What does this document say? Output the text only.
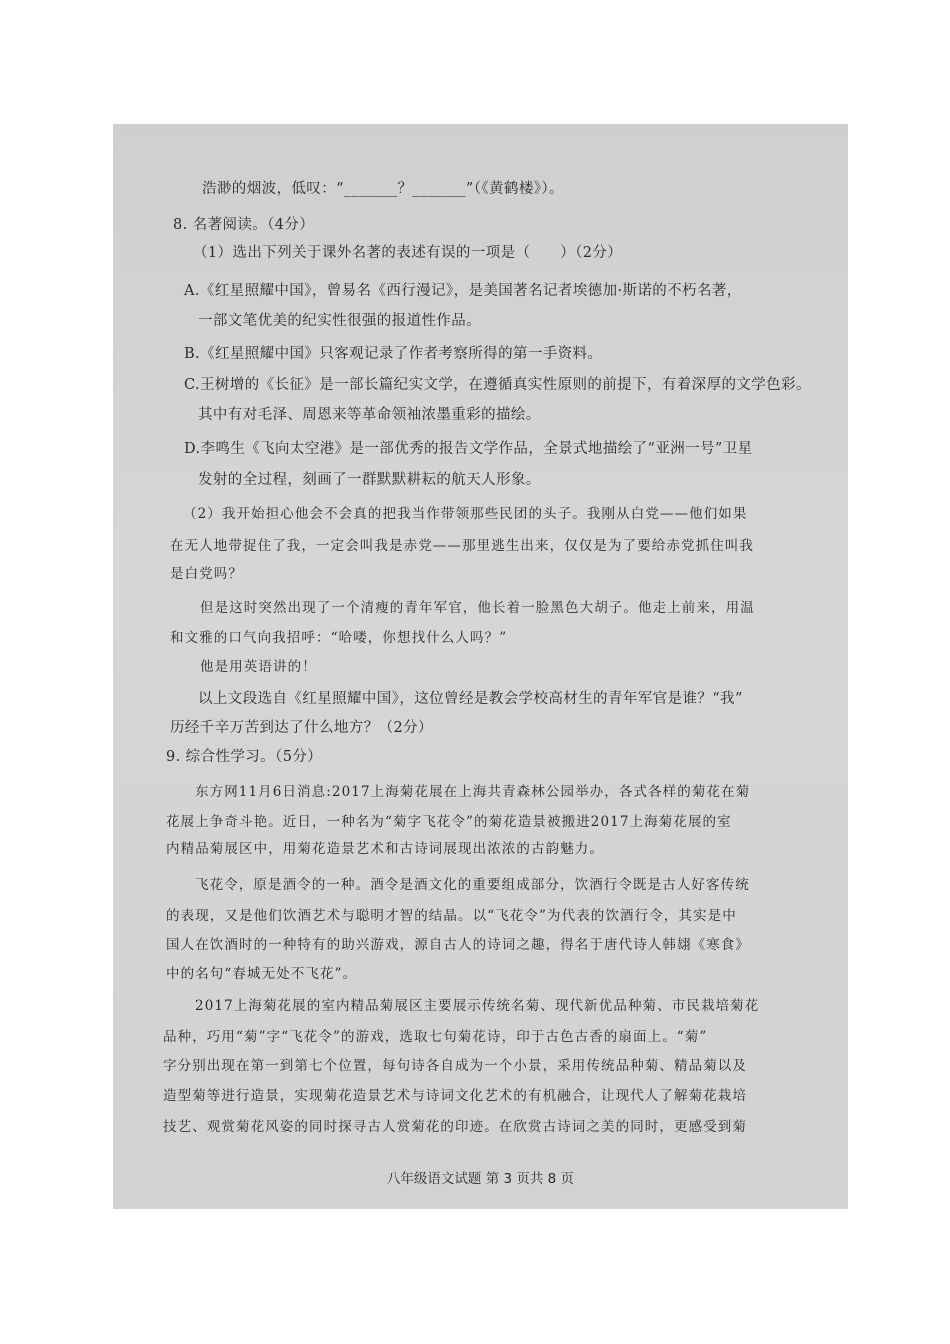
浩渺的烟波，低叹：“_______？_______”（《黄鹤楼》）。
8. 名著阅读。（4分）
（1）选出下列关于课外名著的表述有误的一项是（　　）（2分）
A.《红星照耀中国》，曾易名《西行漫记》，是美国著名记者埃德加·斯诺的不朽名著，
一部文笔优美的纪实性很强的报道性作品。
B.《红星照耀中国》只客观记录了作者考察所得的第一手资料。
C.王树增的《长征》是一部长篇纪实文学，在遵循真实性原则的前提下，有着深厚的文学色彩。
其中有对毛泽、周恩来等革命领袖浓墨重彩的描绘。
D.李鸣生《飞向太空港》是一部优秀的报告文学作品，全景式地描绘了“亚洲一号”卫星
发射的全过程，刻画了一群默默耕耘的航天人形象。
（2）我开始担心他会不会真的把我当作带领那些民团的头子。我刚从白党——他们如果
在无人地带捉住了我，一定会叫我是赤党——那里逃生出来，仅仅是为了要给赤党抓住叫我
是白党吗？
但是这时突然出现了一个清瘦的青年军官，他长着一脸黑色大胡子。他走上前来，用温
和文雅的口气向我招呼：“哈喽，你想找什么人吗？”
他是用英语讲的！
以上文段选自《红星照耀中国》，这位曾经是教会学校高材生的青年军官是谁？“我”
历经千辛万苦到达了什么地方？（2分）
9. 综合性学习。（5分）
东方网11月6日消息:2017上海菊花展在上海共青森林公园举办，各式各样的菊花在菊
花展上争奇斗艳。近日，一种名为“菊字飞花令”的菊花造景被搬进2017上海菊花展的室
内精品菊展区中，用菊花造景艺术和古诗词展现出浓浓的古韵魅力。
飞花令，原是酒令的一种。酒令是酒文化的重要组成部分，饮酒行令既是古人好客传统
的表现，又是他们饮酒艺术与聪明才智的结晶。以“飞花令”为代表的饮酒行令，其实是中
国人在饮酒时的一种特有的助兴游戏，源自古人的诗词之趣，得名于唐代诗人韩翃《寒食》
中的名句“春城无处不飞花”。
2017上海菊花展的室内精品菊展区主要展示传统名菊、现代新优品种菊、市民栽培菊花
品种，巧用“菊”字“飞花令”的游戏，选取七句菊花诗，印于古色古香的扇面上。“菊”
字分别出现在第一到第七个位置，每句诗各自成为一个小景，采用传统品种菊、精品菊以及
造型菊等进行造景，实现菊花造景艺术与诗词文化艺术的有机融合，让现代人了解菊花栽培
技艺、观赏菊花风姿的同时探寻古人赏菊花的印迹。在欣赏古诗词之美的同时，更感受到菊
八年级语文试题 第 3 页共 8 页
